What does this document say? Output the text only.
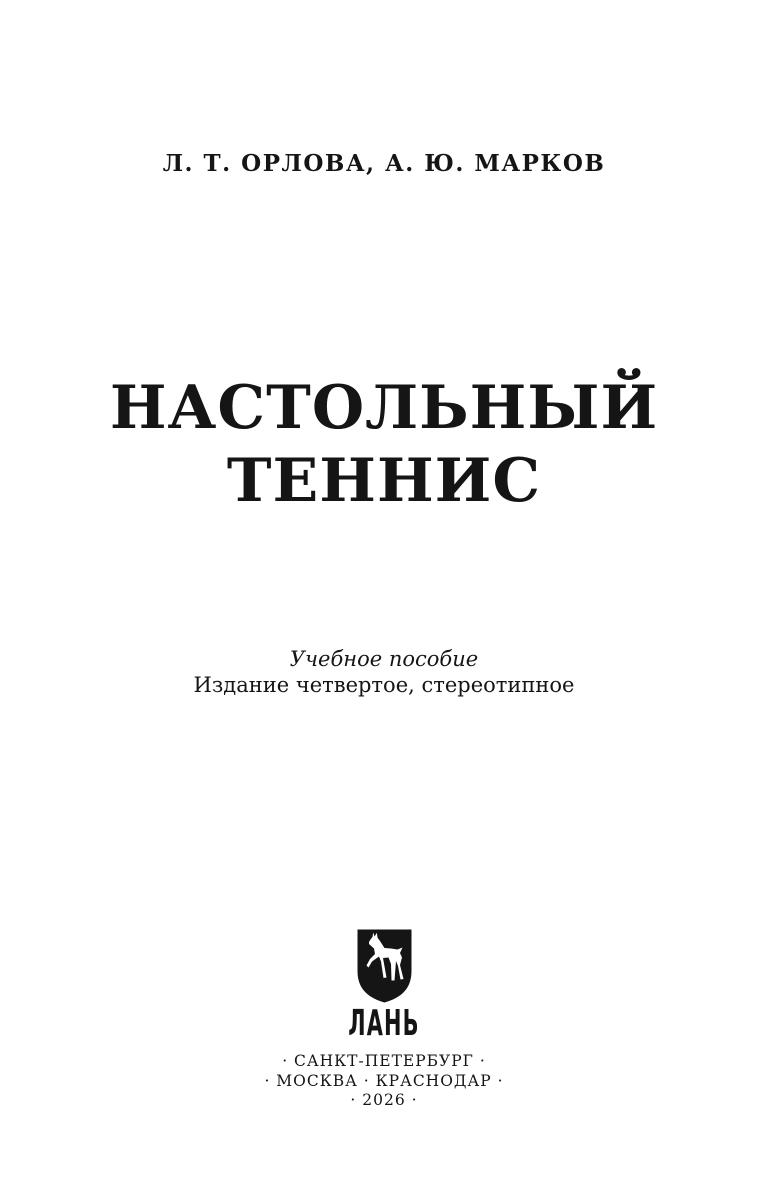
Л. Т. ОРЛОВА, А. Ю. МАРКОВ
НАСТОЛЬНЫЙ
ТЕННИС
Учебное пособие
Издание четвертое, стереотипное
ЛАНЬ
· САНКТ-ПЕТЕРБУРГ ·
· МОСКВА · КРАСНОДАР ·
· 2026 ·
